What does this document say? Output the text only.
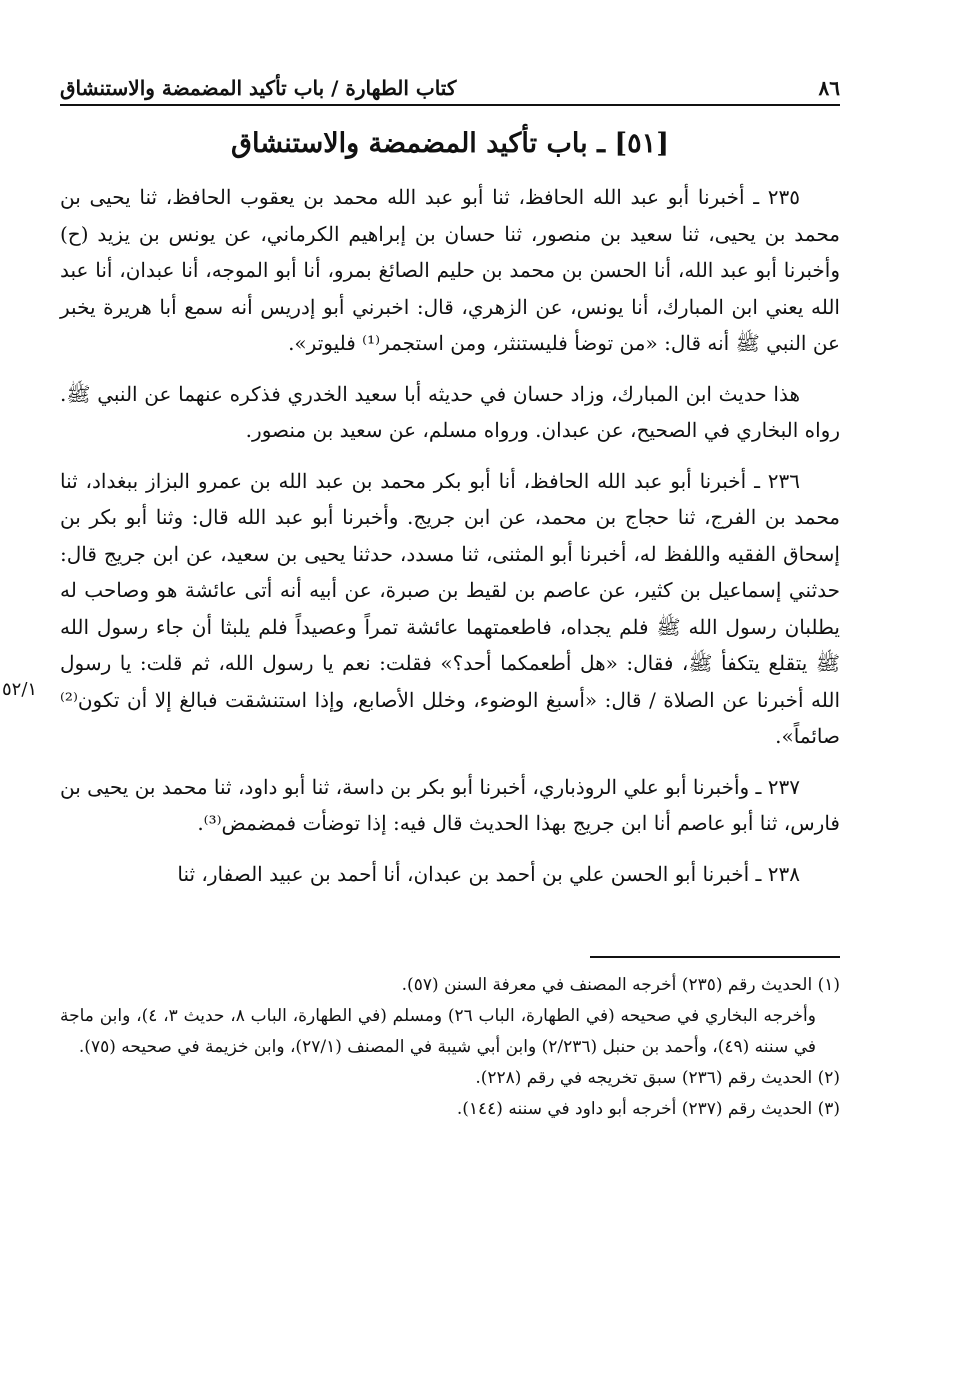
٨٦
كتاب الطهارة / باب تأكيد المضمضة والاستنشاق
[٥١] ـ باب تأكيد المضمضة والاستنشاق

٢٣٥ ـ أخبرنا أبو عبد الله الحافظ، ثنا أبو عبد الله محمد بن يعقوب الحافظ، ثنا يحيى بن محمد بن يحيى، ثنا سعيد بن منصور، ثنا حسان بن إبراهيم الكرماني، عن يونس بن يزيد (ح) وأخبرنا أبو عبد الله، أنا الحسن بن محمد بن حليم الصائغ بمرو، أنا أبو الموجه، أنا عبدان، أنا عبد الله يعني ابن المبارك، أنا يونس، عن الزهري، قال: اخبرني أبو إدريس أنه سمع أبا هريرة يخبر عن النبي ﷺ أنه قال: «من توضأ فليستنثر، ومن استجمر⁽¹⁾ فليوتر».

هذا حديث ابن المبارك، وزاد حسان في حديثه أبا سعيد الخدري فذكره عنهما عن النبي ﷺ. رواه البخاري في الصحيح، عن عبدان. ورواه مسلم، عن سعيد بن منصور.

٥٢/١

٢٣٦ ـ أخبرنا أبو عبد الله الحافظ، أنا أبو بكر محمد بن عبد الله بن عمرو البزاز ببغداد، ثنا محمد بن الفرج، ثنا حجاج بن محمد، عن ابن جريج. وأخبرنا أبو عبد الله قال: وثنا أبو بكر بن إسحاق الفقيه واللفظ له، أخبرنا أبو المثنى، ثنا مسدد، حدثنا يحيى بن سعيد، عن ابن جريج قال: حدثني إسماعيل بن كثير، عن عاصم بن لقيط بن صبرة، عن أبيه أنه أتى عائشة هو وصاحب له يطلبان رسول الله ﷺ فلم يجداه، فاطعمتهما عائشة تمراً وعصيداً فلم يلبثا أن جاء رسول الله ﷺ يتقلع يتكفأ ﷺ، فقال: «هل أطعمكما أحد؟» فقلت: نعم يا رسول الله، ثم قلت: يا رسول الله أخبرنا عن الصلاة / قال: «أسبغ الوضوء، وخلل الأصابع، وإذا استنشقت فبالغ إلا أن تكون⁽²⁾ صائماً».

٢٣٧ ـ وأخبرنا أبو علي الروذباري، أخبرنا أبو بكر بن داسة، ثنا أبو داود، ثنا محمد بن يحيى بن فارس، ثنا أبو عاصم أنا ابن جريج بهذا الحديث قال فيه: إذا توضأت فمضمض⁽³⁾.

٢٣٨ ـ أخبرنا أبو الحسن علي بن أحمد بن عبدان، أنا أحمد بن عبيد الصفار، ثنا

(١) الحديث رقم (٢٣٥) أخرجه المصنف في معرفة السنن (٥٧).

وأخرجه البخاري في صحيحه (في الطهارة، الباب ٢٦) ومسلم (في الطهارة، الباب ٨، حديث ٣، ٤)، وابن ماجة في سننه (٤٩)، وأحمد بن حنبل (٢/٢٣٦) وابن أبي شيبة في المصنف (٢٧/١)، وابن خزيمة في صحيحه (٧٥).

(٢) الحديث رقم (٢٣٦) سبق تخريجه في رقم (٢٢٨).

(٣) الحديث رقم (٢٣٧) أخرجه أبو داود في سننه (١٤٤).
